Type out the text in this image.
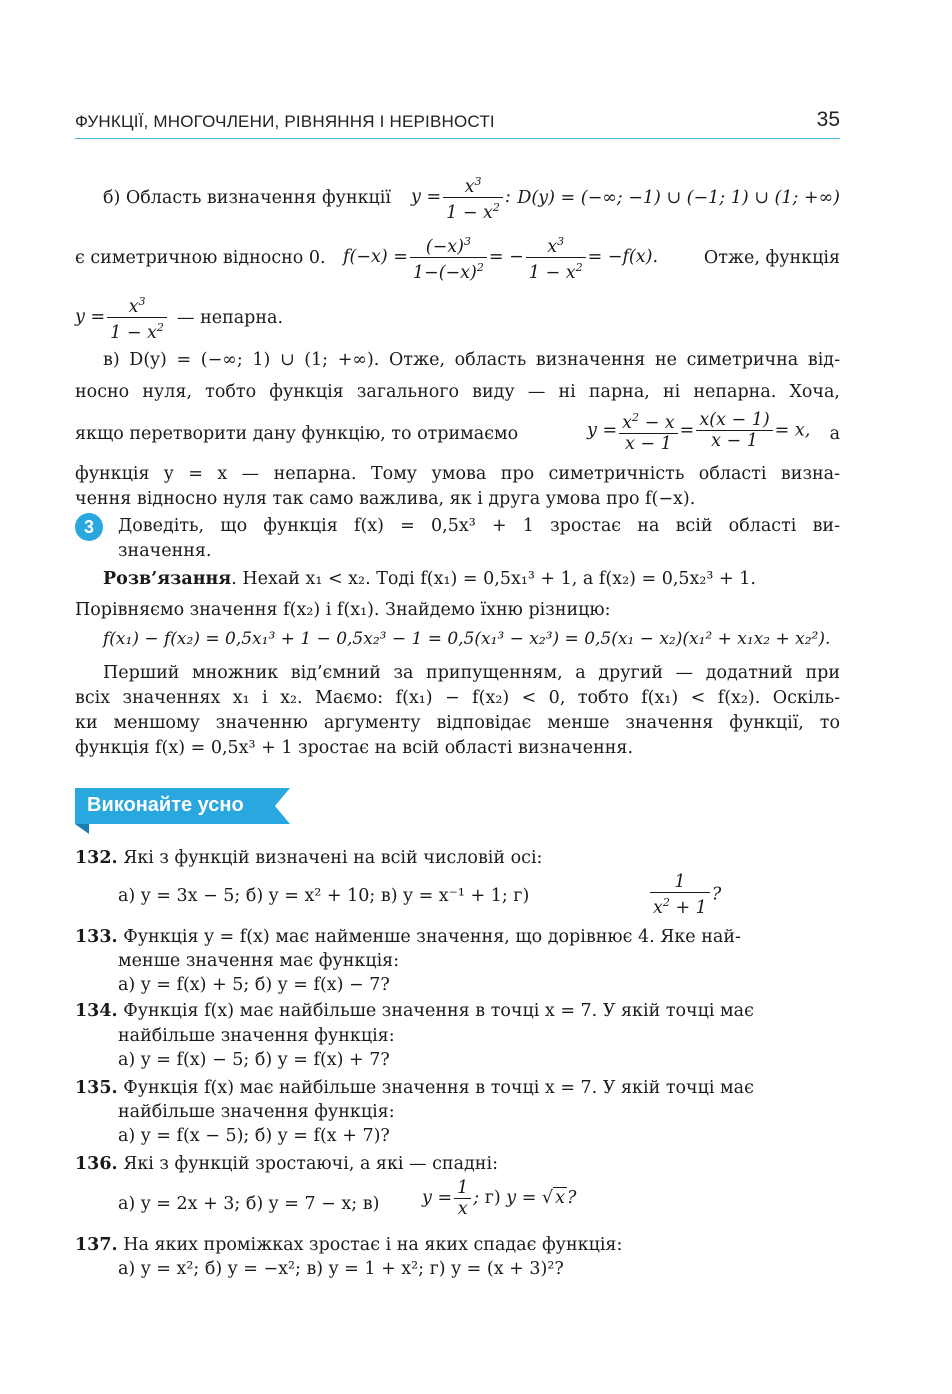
ФУНКЦІЇ, МНОГОЧЛЕНИ, РІВНЯННЯ І НЕРІВНОСТІ	35
б) Область визначення функції $y = \frac{x^3}{1 - x^2}$ : D(y) = (−∞; −1) ∪ (−1; 1) ∪ (1; +∞)
є симетричною відносно 0. $f(-x) = \frac{(-x)^3}{1-(-x)^2}$ = − $\frac{x^3}{1 - x^2} = -f(x)$.	Отже, функція
$y = \frac{x^3}{1 - x^2}$ — непарна.
в) D(y) = (−∞; 1) ∪ (1; +∞). Отже, область визначення не симетрична від-
носно нуля, тобто функція загального виду — ні парна, ні непарна. Хоча,
якщо перетворити дану функцію, то отримаємо	$y = \frac{x^2 - x}{x - 1} = \frac{x(x - 1)}{x - 1} = x$, а
функція y = x — непарна. Тому умова про симетричність області визна-
чення відносно нуля так само важлива, як і друга умова про f(−x).
3	Доведіть, що функція f(x) = 0,5x³ + 1 зростає на всій області ви-
значення.
Розв’язання. Нехай x₁ < x₂. Тоді f(x₁) = 0,5x₁³ + 1, а f(x₂) = 0,5x₂³ + 1.
Порівняємо значення f(x₂) і f(x₁). Знайдемо їхню різницю:
f(x₁) − f(x₂) = 0,5x₁³ + 1 − 0,5x₂³ − 1 = 0,5(x₁³ − x₂³) = 0,5(x₁ − x₂)(x₁² + x₁x₂ + x₂²).
Перший множник від’ємний за припущенням, а другий — додатний при
всіх значеннях x₁ і x₂. Маємо: f(x₁) − f(x₂) < 0, тобто f(x₁) < f(x₂). Оскіль-
ки меншому значенню аргументу відповідає менше значення функції, то
функція f(x) = 0,5x³ + 1 зростає на всій області визначення.
Виконайте усно
132. Які з функцій визначені на всій числовій осі:
а) y = 3x − 5; б) y = x² + 10; в) y = x⁻¹ + 1; г)	$\frac{1}{x^2 + 1}$ ?
133. Функція y = f(x) має найменше значення, що дорівнює 4. Яке най-
менше значення має функція:
а) y = f(x) + 5; б) y = f(x) − 7?
134. Функція f(x) має найбільше значення в точці x = 7. У якій точці має
найбільше значення функція:
а) y = f(x) − 5; б) y = f(x) + 7?
135. Функція f(x) має найбільше значення в точці x = 7. У якій точці має
найбільше значення функція:
а) y = f(x − 5); б) y = f(x + 7)?
136. Які з функцій зростаючі, а які — спадні:
а) y = 2x + 3; б) y = 7 − x; в) $y = \frac{1}{x}$ ; г) y = √ x ?
137. На яких проміжках зростає і на яких спадає функція:
а) y = x²; б) y = −x²; в) y = 1 + x²; г) y = (x + 3)²?
